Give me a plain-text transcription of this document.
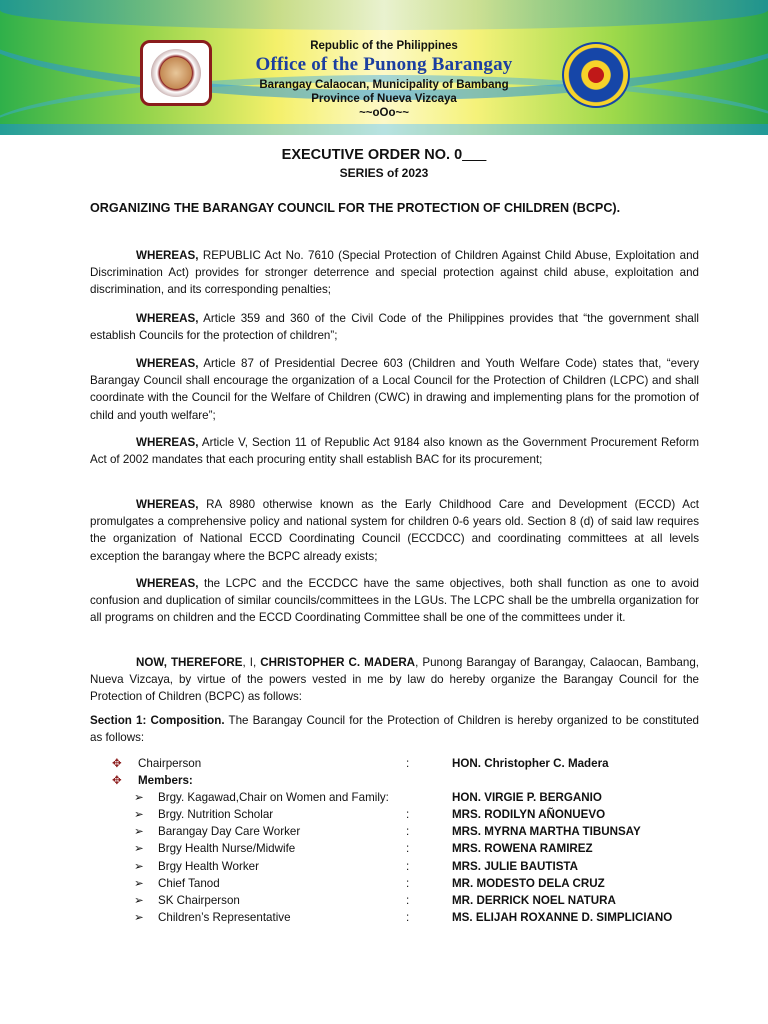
Republic of the Philippines
Office of the Punong Barangay
Barangay Calaocan, Municipality of Bambang
Province of Nueva Vizcaya
~~oOo~~
EXECUTIVE ORDER NO. 0___
SERIES of 2023
ORGANIZING THE BARANGAY COUNCIL FOR THE PROTECTION OF CHILDREN (BCPC).
WHEREAS, REPUBLIC Act No. 7610 (Special Protection of Children Against Child Abuse, Exploitation and Discrimination Act) provides for stronger deterrence and special protection against child abuse, exploitation and discrimination, and its corresponding penalties;
WHEREAS, Article 359 and 360 of the Civil Code of the Philippines provides that “the government shall establish Councils for the protection of children”;
WHEREAS, Article 87 of Presidential Decree 603 (Children and Youth Welfare Code) states that, “every Barangay Council shall encourage the organization of a Local Council for the Protection of Children (LCPC) and shall coordinate with the Council for the Welfare of Children (CWC) in drawing and implementing plans for the promotion of child and youth welfare”;
WHEREAS, Article V, Section 11 of Republic Act 9184 also known as the Government Procurement Reform Act of 2002 mandates that each procuring entity shall establish BAC for its procurement;
WHEREAS, RA 8980 otherwise known as the Early Childhood Care and Development (ECCD) Act promulgates a comprehensive policy and national system for children 0-6 years old. Section 8 (d) of said law requires the organization of National ECCD Coordinating Council (ECCDCC) and coordinating committees at all levels exception the barangay where the BCPC already exists;
WHEREAS, the LCPC and the ECCDCC have the same objectives, both shall function as one to avoid confusion and duplication of similar councils/committees in the LGUs. The LCPC shall be the umbrella organization for all programs on children and the ECCD Coordinating Committee shall be one of the committees under it.
NOW, THEREFORE, I, CHRISTOPHER C. MADERA, Punong Barangay of Barangay, Calaocan, Bambang, Nueva Vizcaya, by virtue of the powers vested in me by law do hereby organize the Barangay Council for the Protection of Children (BCPC) as follows:
Section 1: Composition. The Barangay Council for the Protection of Children is hereby organized to be constituted as follows:
✥	Chairperson	:	HON. Christopher C. Madera
✥	Members:
➢	Brgy. Kagawad,Chair on Women and Family:	HON. VIRGIE P. BERGANIO
➢	Brgy. Nutrition Scholar	:	MRS. RODILYN AÑONUEVO
➢	Barangay Day Care Worker	:	MRS. MYRNA MARTHA TIBUNSAY
➢	Brgy Health Nurse/Midwife	:	MRS. ROWENA RAMIREZ
➢	Brgy Health Worker	:	MRS. JULIE BAUTISTA
➢	Chief Tanod	:	MR. MODESTO DELA CRUZ
➢	SK Chairperson	:	MR. DERRICK NOEL NATURA
➢	Children’s Representative	:	MS. ELIJAH ROXANNE D. SIMPLICIANO
